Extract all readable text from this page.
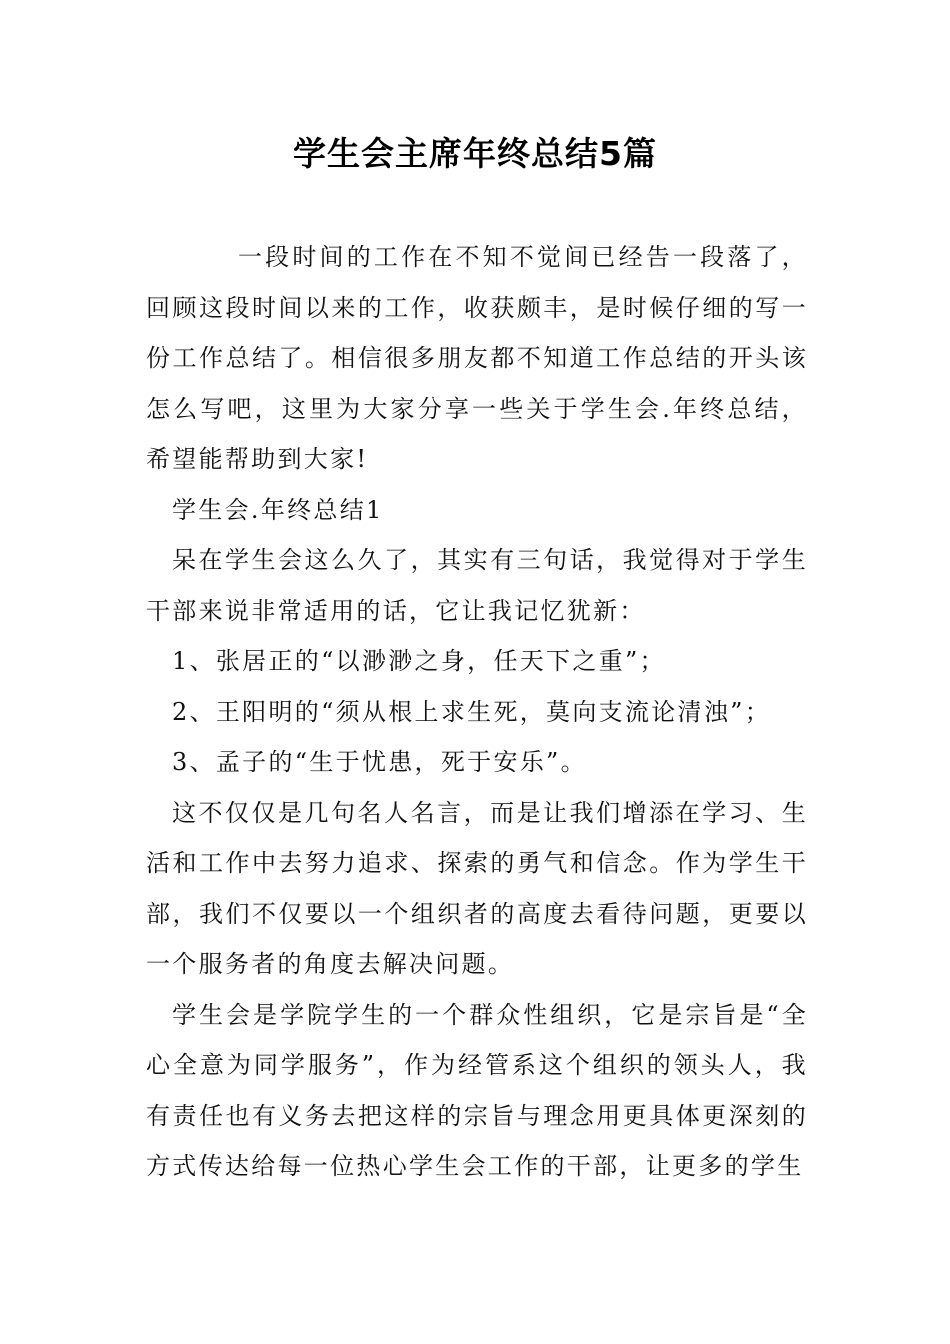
学生会主席年终总结5篇

一段时间的工作在不知不觉间已经告一段落了，回顾这段时间以来的工作，收获颇丰，是时候仔细的写一份工作总结了。相信很多朋友都不知道工作总结的开头该怎么写吧，这里为大家分享一些关于学生会.年终总结，希望能帮助到大家!

学生会.年终总结1

呆在学生会这么久了，其实有三句话，我觉得对于学生干部来说非常适用的话，它让我记忆犹新：

1、张居正的“以渺渺之身，任天下之重”；

2、王阳明的“须从根上求生死，莫向支流论清浊”；

3、孟子的“生于忧患，死于安乐”。

这不仅仅是几句名人名言，而是让我们增添在学习、生活和工作中去努力追求、探索的勇气和信念。作为学生干部，我们不仅要以一个组织者的高度去看待问题，更要以一个服务者的角度去解决问题。

学生会是学院学生的一个群众性组织，它是宗旨是“全心全意为同学服务”，作为经管系这个组织的领头人，我有责任也有义务去把这样的宗旨与理念用更具体更深刻的方式传达给每一位热心学生会工作的干部，让更多的学生
